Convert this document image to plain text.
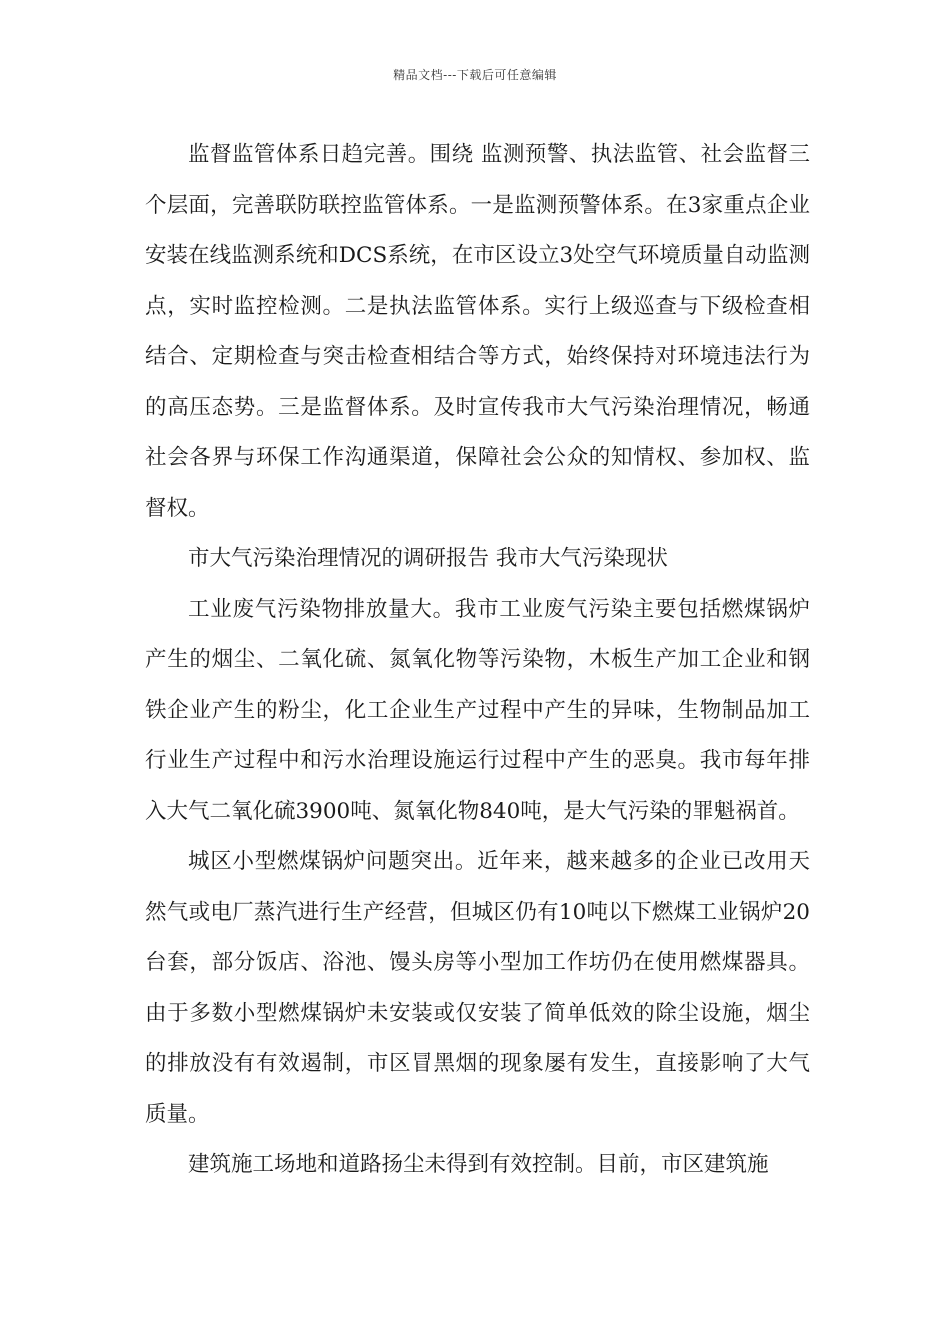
精品文档---下载后可任意编辑

监督监管体系日趋完善。围绕 监测预警、执法监管、社会监督三个层面，完善联防联控监管体系。一是监测预警体系。在3家重点企业安装在线监测系统和DCS系统，在市区设立3处空气环境质量自动监测点，实时监控检测。二是执法监管体系。实行上级巡查与下级检查相结合、定期检查与突击检查相结合等方式，始终保持对环境违法行为的高压态势。三是监督体系。及时宣传我市大气污染治理情况，畅通社会各界与环保工作沟通渠道，保障社会公众的知情权、参加权、监督权。

市大气污染治理情况的调研报告 我市大气污染现状

工业废气污染物排放量大。我市工业废气污染主要包括燃煤锅炉产生的烟尘、二氧化硫、氮氧化物等污染物，木板生产加工企业和钢铁企业产生的粉尘，化工企业生产过程中产生的异味，生物制品加工行业生产过程中和污水治理设施运行过程中产生的恶臭。我市每年排入大气二氧化硫3900吨、氮氧化物840吨，是大气污染的罪魁祸首。

城区小型燃煤锅炉问题突出。近年来，越来越多的企业已改用天然气或电厂蒸汽进行生产经营，但城区仍有10吨以下燃煤工业锅炉20台套，部分饭店、浴池、馒头房等小型加工作坊仍在使用燃煤器具。由于多数小型燃煤锅炉未安装或仅安装了简单低效的除尘设施，烟尘的排放没有有效遏制，市区冒黑烟的现象屡有发生，直接影响了大气质量。

建筑施工场地和道路扬尘未得到有效控制。目前，市区建筑施
